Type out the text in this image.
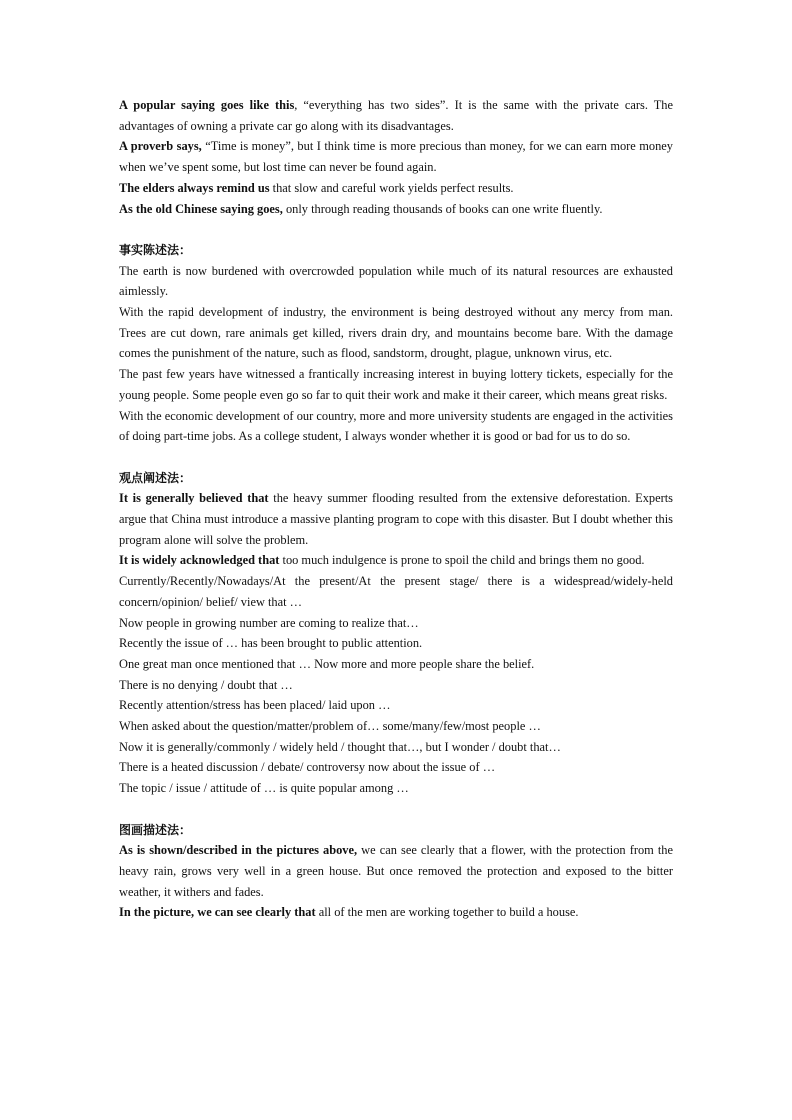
A popular saying goes like this, “everything has two sides”. It is the same with the private cars. The advantages of owning a private car go along with its disadvantages.

A proverb says, “Time is money”, but I think time is more precious than money, for we can earn more money when we’ve spent some, but lost time can never be found again.

The elders always remind us that slow and careful work yields perfect results.

As the old Chinese saying goes, only through reading thousands of books can one write fluently.

事实陈述法：

The earth is now burdened with overcrowded population while much of its natural resources are exhausted aimlessly.

With the rapid development of industry, the environment is being destroyed without any mercy from man. Trees are cut down, rare animals get killed, rivers drain dry, and mountains become bare. With the damage comes the punishment of the nature, such as flood, sandstorm, drought, plague, unknown virus, etc.

The past few years have witnessed a frantically increasing interest in buying lottery tickets, especially for the young people. Some people even go so far to quit their work and make it their career, which means great risks.

With the economic development of our country, more and more university students are engaged in the activities of doing part-time jobs. As a college student, I always wonder whether it is good or bad for us to do so.

观点阐述法：

It is generally believed that the heavy summer flooding resulted from the extensive deforestation. Experts argue that China must introduce a massive planting program to cope with this disaster. But I doubt whether this program alone will solve the problem.

It is widely acknowledged that too much indulgence is prone to spoil the child and brings them no good.

Currently/Recently/Nowadays/At the present/At the present stage/ there is a widespread/widely-held concern/opinion/ belief/ view that …

Now people in growing number are coming to realize that…

Recently the issue of … has been brought to public attention.

One great man once mentioned that … Now more and more people share the belief.

There is no denying / doubt that …

Recently attention/stress has been placed/ laid upon …

When asked about the question/matter/problem of… some/many/few/most people …

Now it is generally/commonly / widely held / thought that…, but I wonder / doubt that…

There is a heated discussion / debate/ controversy now about the issue of …

The topic / issue / attitude of … is quite popular among …

图画描述法：

As is shown/described in the pictures above, we can see clearly that a flower, with the protection from the heavy rain, grows very well in a green house. But once removed the protection and exposed to the bitter weather, it withers and fades.

In the picture, we can see clearly that all of the men are working together to build a house.
